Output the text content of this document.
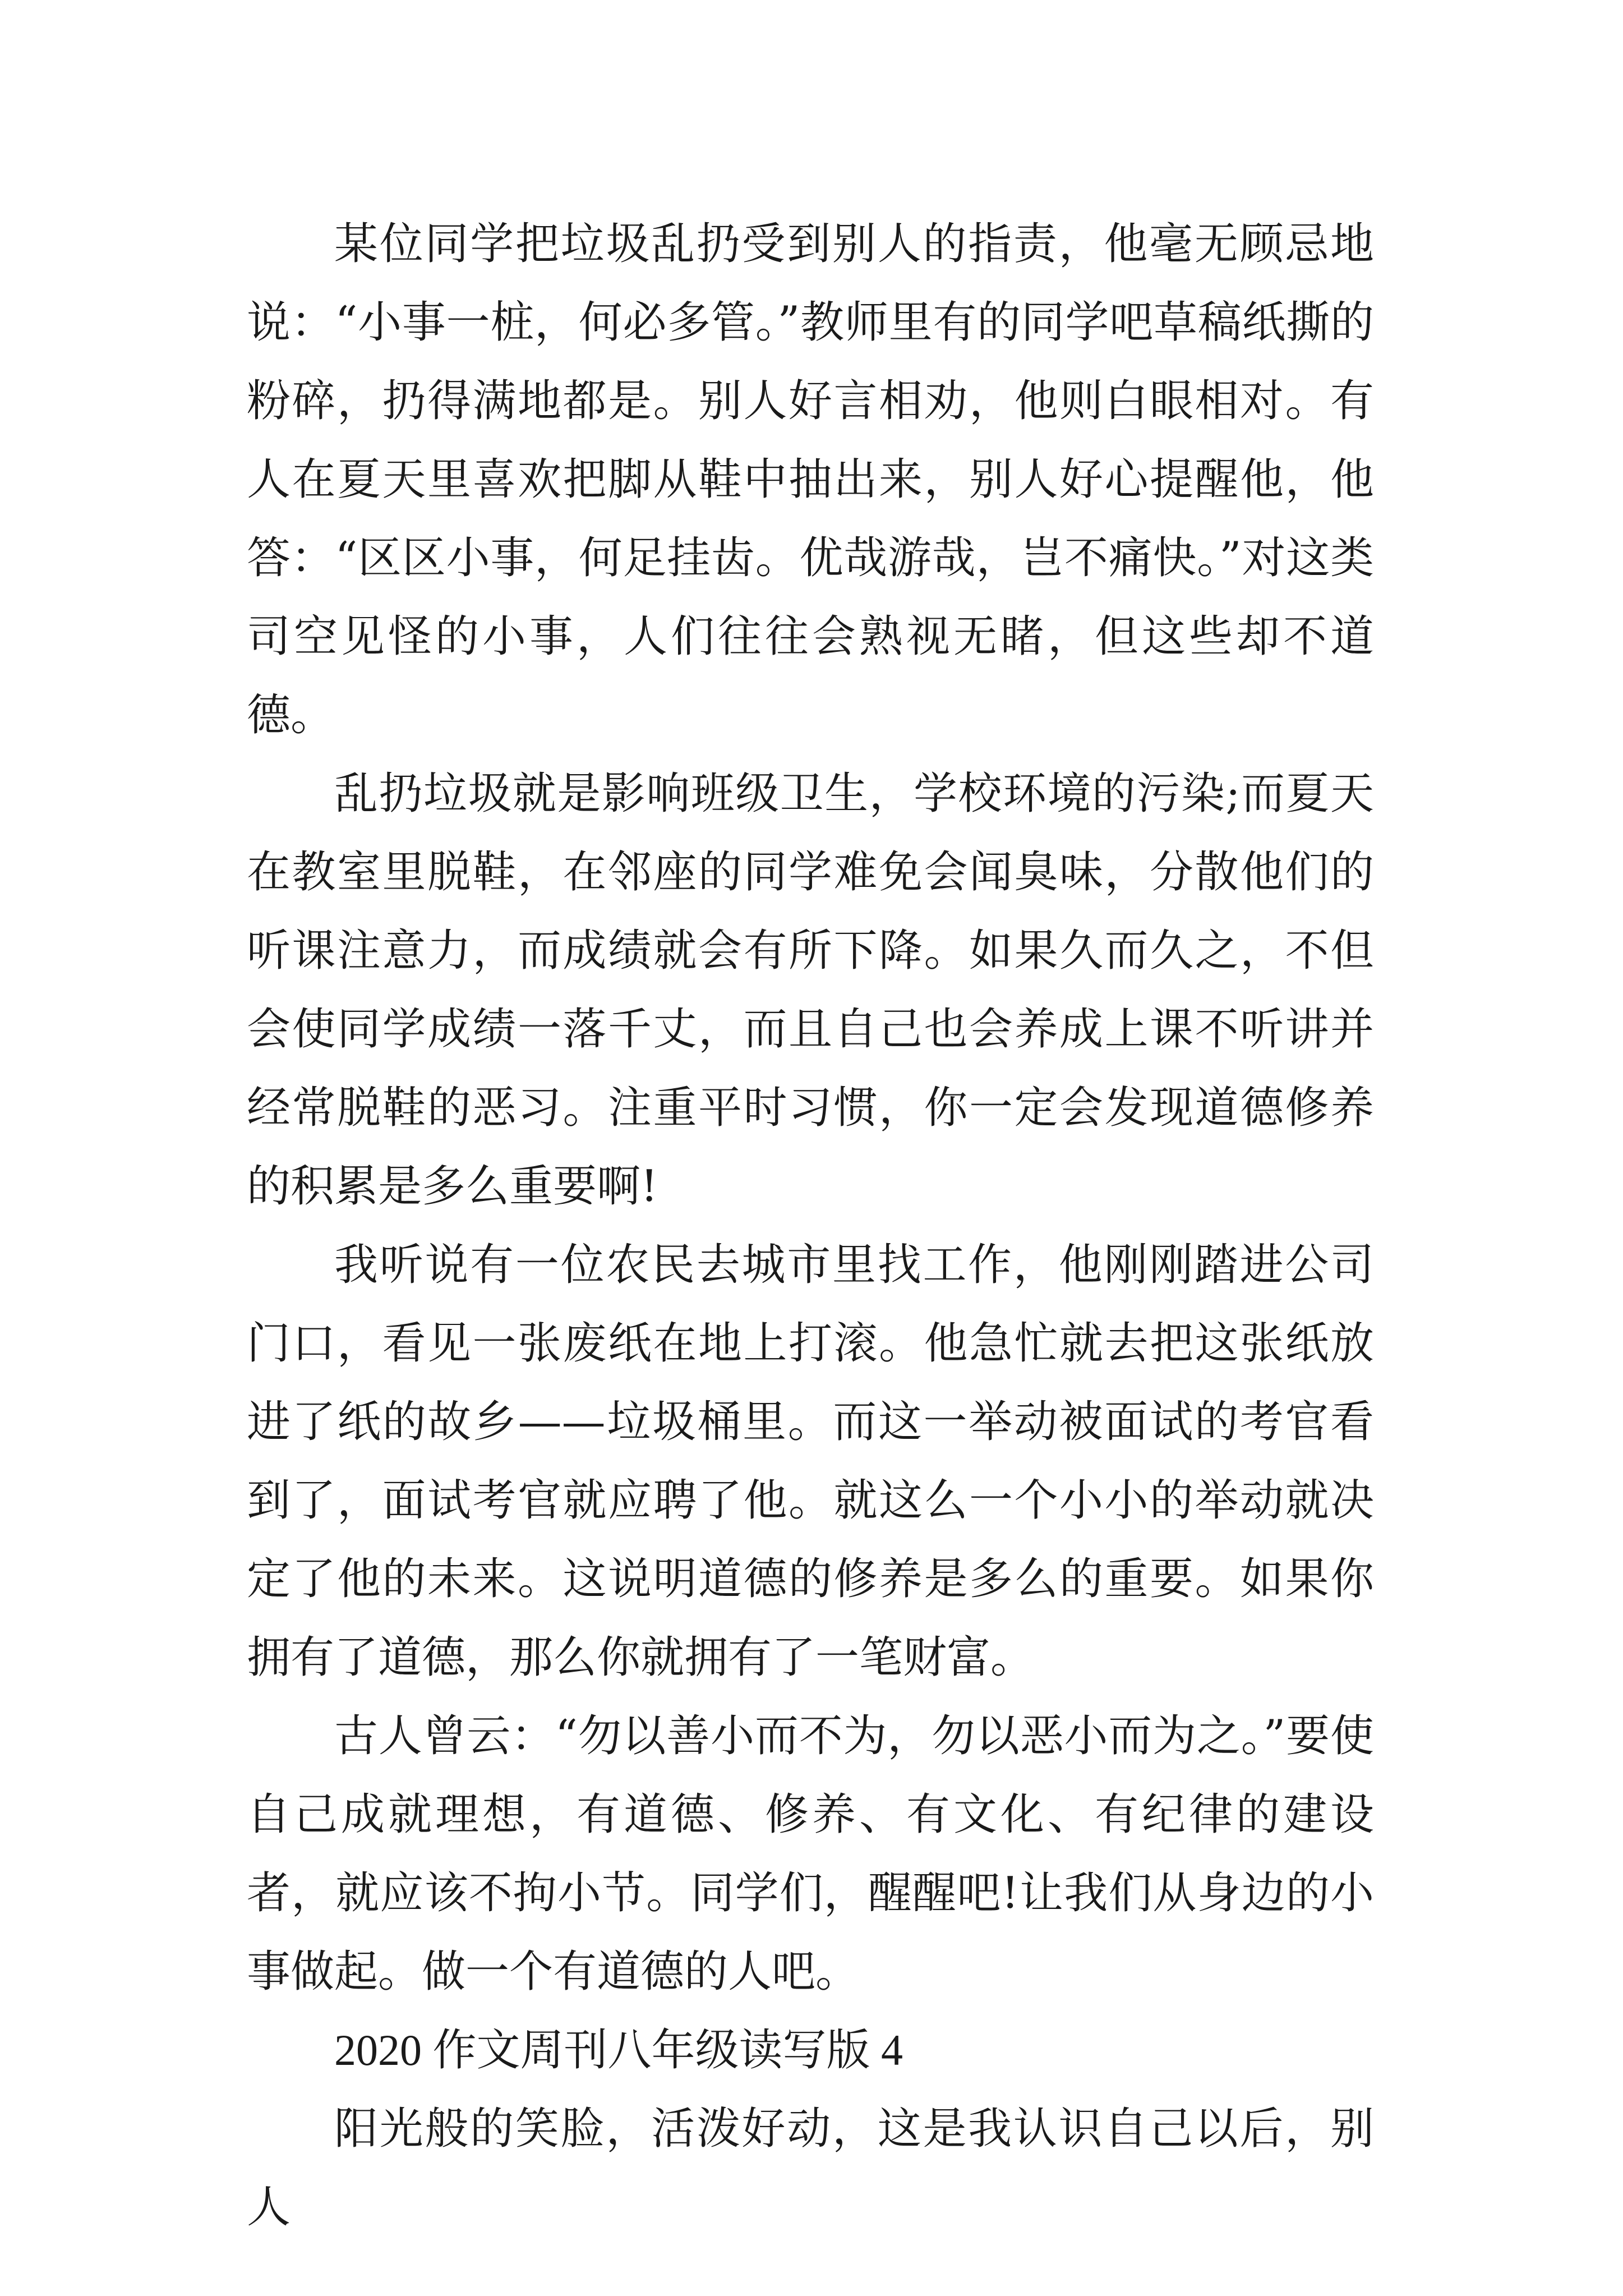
某位同学把垃圾乱扔受到别人的指责，他毫无顾忌地说：“小事一桩，何必多管。”教师里有的同学吧草稿纸撕的粉碎，扔得满地都是。别人好言相劝，他则白眼相对。有人在夏天里喜欢把脚从鞋中抽出来，别人好心提醒他，他答：“区区小事，何足挂齿。优哉游哉，岂不痛快。”对这类司空见怪的小事，人们往往会熟视无睹，但这些却不道德。

乱扔垃圾就是影响班级卫生，学校环境的污染;而夏天在教室里脱鞋，在邻座的同学难免会闻臭味，分散他们的听课注意力，而成绩就会有所下降。如果久而久之，不但会使同学成绩一落千丈，而且自己也会养成上课不听讲并经常脱鞋的恶习。注重平时习惯，你一定会发现道德修养的积累是多么重要啊!

我听说有一位农民去城市里找工作，他刚刚踏进公司门口，看见一张废纸在地上打滚。他急忙就去把这张纸放进了纸的故乡——垃圾桶里。而这一举动被面试的考官看到了，面试考官就应聘了他。就这么一个小小的举动就决定了他的未来。这说明道德的修养是多么的重要。如果你拥有了道德，那么你就拥有了一笔财富。

古人曾云：“勿以善小而不为，勿以恶小而为之。”要使自己成就理想，有道德、修养、有文化、有纪律的建设者，就应该不拘小节。同学们，醒醒吧!让我们从身边的小事做起。做一个有道德的人吧。

2020 作文周刊八年级读写版 4

阳光般的笑脸，活泼好动，这是我认识自己以后，别人
